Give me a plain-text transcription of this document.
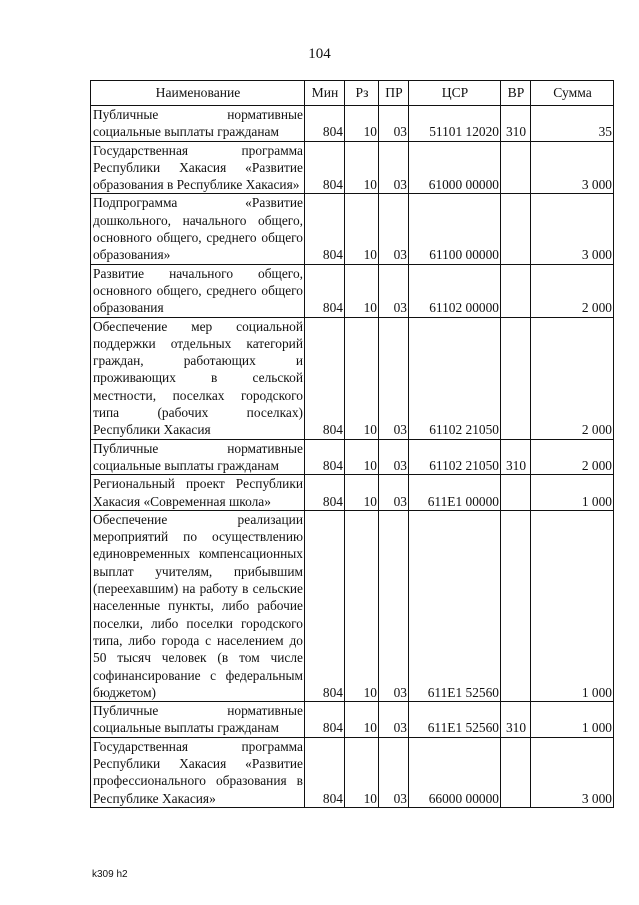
104
Наименование	Мин	Рз	ПР	ЦСР	ВР	Сумма
Публичные нормативные социальные выплаты гражданам	804	10	03	51101 12020	310	35
Государственная программа Республики Хакасия «Развитие образования в Республике Хакасия»	804	10	03	61000 00000		3 000
Подпрограмма «Развитие дошкольного, начального общего, основного общего, среднего общего образования»	804	10	03	61100 00000		3 000
Развитие начального общего, основного общего, среднего общего образования	804	10	03	61102 00000		2 000
Обеспечение мер социальной поддержки отдельных категорий граждан, работающих и проживающих в сельской местности, поселках городского типа (рабочих поселках) Республики Хакасия	804	10	03	61102 21050		2 000
Публичные нормативные социальные выплаты гражданам	804	10	03	61102 21050	310	2 000
Региональный проект Республики Хакасия «Современная школа»	804	10	03	611E1 00000		1 000
Обеспечение реализации мероприятий по осуществлению единовременных компенсационных выплат учителям, прибывшим (переехавшим) на работу в сельские населенные пункты, либо рабочие поселки, либо поселки городского типа, либо города с населением до 50 тысяч человек (в том числе софинансирование с федеральным бюджетом)	804	10	03	611E1 52560		1 000
Публичные нормативные социальные выплаты гражданам	804	10	03	611E1 52560	310	1 000
Государственная программа Республики Хакасия «Развитие профессионального образования в Республике Хакасия»	804	10	03	66000 00000		3 000
k309 h2
